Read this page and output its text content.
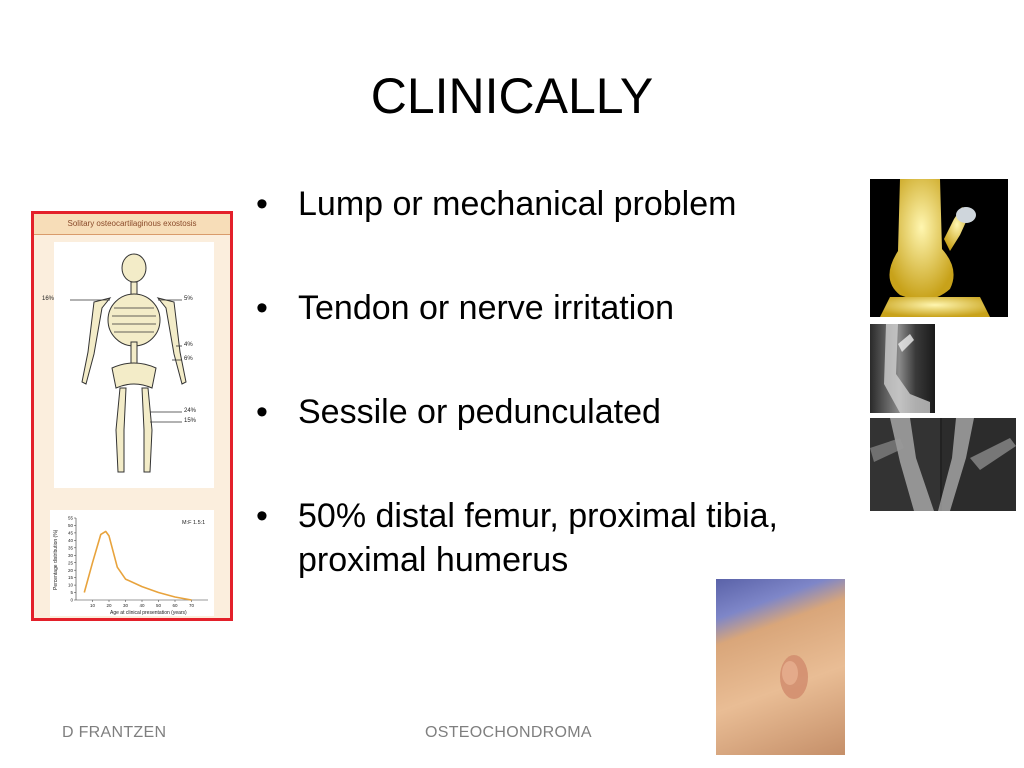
CLINICALLY
• Lump or mechanical problem
• Tendon or nerve irritation
• Sessile or pedunculated
• 50% distal femur, proximal tibia, proximal humerus
Solitary osteocartilaginous exostosis
16%	5%
4%
6%
24%
15%
Percentage distribution (%)
Age at clinical presentation (years)
M:F 1.5:1
55
50
45
40
35
30
25
20
15
10
5
0
10	20	30	40	50	60	70
D FRANTZEN	OSTEOCHONDROMA
